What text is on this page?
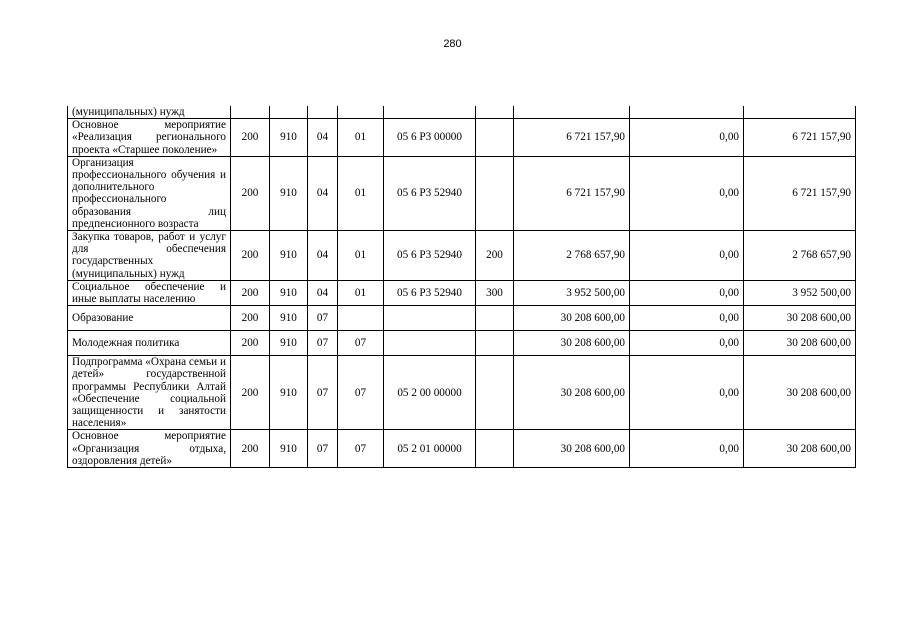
280
(муниципальных) нужд									
Основное мероприятие «Реализация регионального проекта «Старшее поколение»	200	910	04	01	05 6 P3 00000		6 721 157,90	0,00	6 721 157,90
Организация профессионального обучения и дополнительного профессионального образования лиц предпенсионного возраста	200	910	04	01	05 6 P3 52940		6 721 157,90	0,00	6 721 157,90
Закупка товаров, работ и услуг для обеспечения государственных (муниципальных) нужд	200	910	04	01	05 6 P3 52940	200	2 768 657,90	0,00	2 768 657,90
Социальное обеспечение и иные выплаты населению	200	910	04	01	05 6 P3 52940	300	3 952 500,00	0,00	3 952 500,00
Образование	200	910	07				30 208 600,00	0,00	30 208 600,00
Молодежная политика	200	910	07	07			30 208 600,00	0,00	30 208 600,00
Подпрограмма «Охрана семьи и детей» государственной программы Республики Алтай «Обеспечение социальной защищенности и занятости населения»	200	910	07	07	05 2 00 00000		30 208 600,00	0,00	30 208 600,00
Основное мероприятие «Организация отдыха, оздоровления детей»	200	910	07	07	05 2 01 00000		30 208 600,00	0,00	30 208 600,00
